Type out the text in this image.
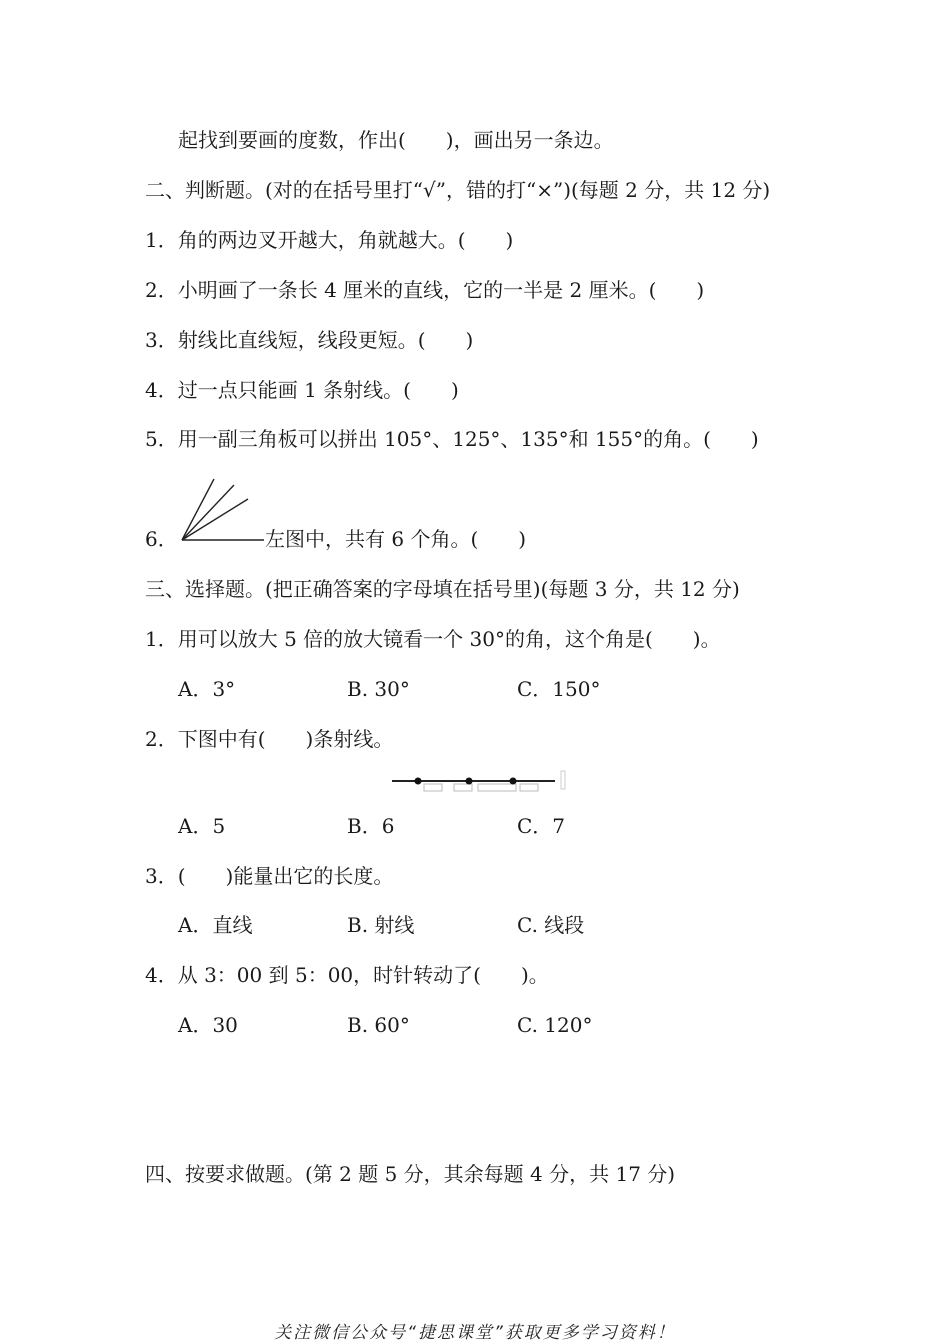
起找到要画的度数，作出(　　)，画出另一条边。
二、判断题。(对的在括号里打“√”，错的打“×”)(每题 2 分，共 12 分)
1．角的两边叉开越大，角就越大。(　　)
2．小明画了一条长 4 厘米的直线，它的一半是 2 厘米。(　　)
3．射线比直线短，线段更短。(　　)
4．过一点只能画 1 条射线。(　　)
5．用一副三角板可以拼出 105°、125°、135°和 155°的角。(　　)
6．	左图中，共有 6 个角。(　　)
三、选择题。(把正确答案的字母填在括号里)(每题 3 分，共 12 分)
1．用可以放大 5 倍的放大镜看一个 30°的角，这个角是(　　)。
A．3°	B. 30°	C．150°
2．下图中有(　　)条射线。
A．5	B．6	C．7
3．(　　)能量出它的长度。
A．直线	B. 射线	C. 线段
4．从 3：00 到 5：00，时针转动了(　　)。
A．30	B. 60°	C. 120°
四、按要求做题。(第 2 题 5 分，其余每题 4 分，共 17 分)
关注微信公众号“捷思课堂”获取更多学习资料！
